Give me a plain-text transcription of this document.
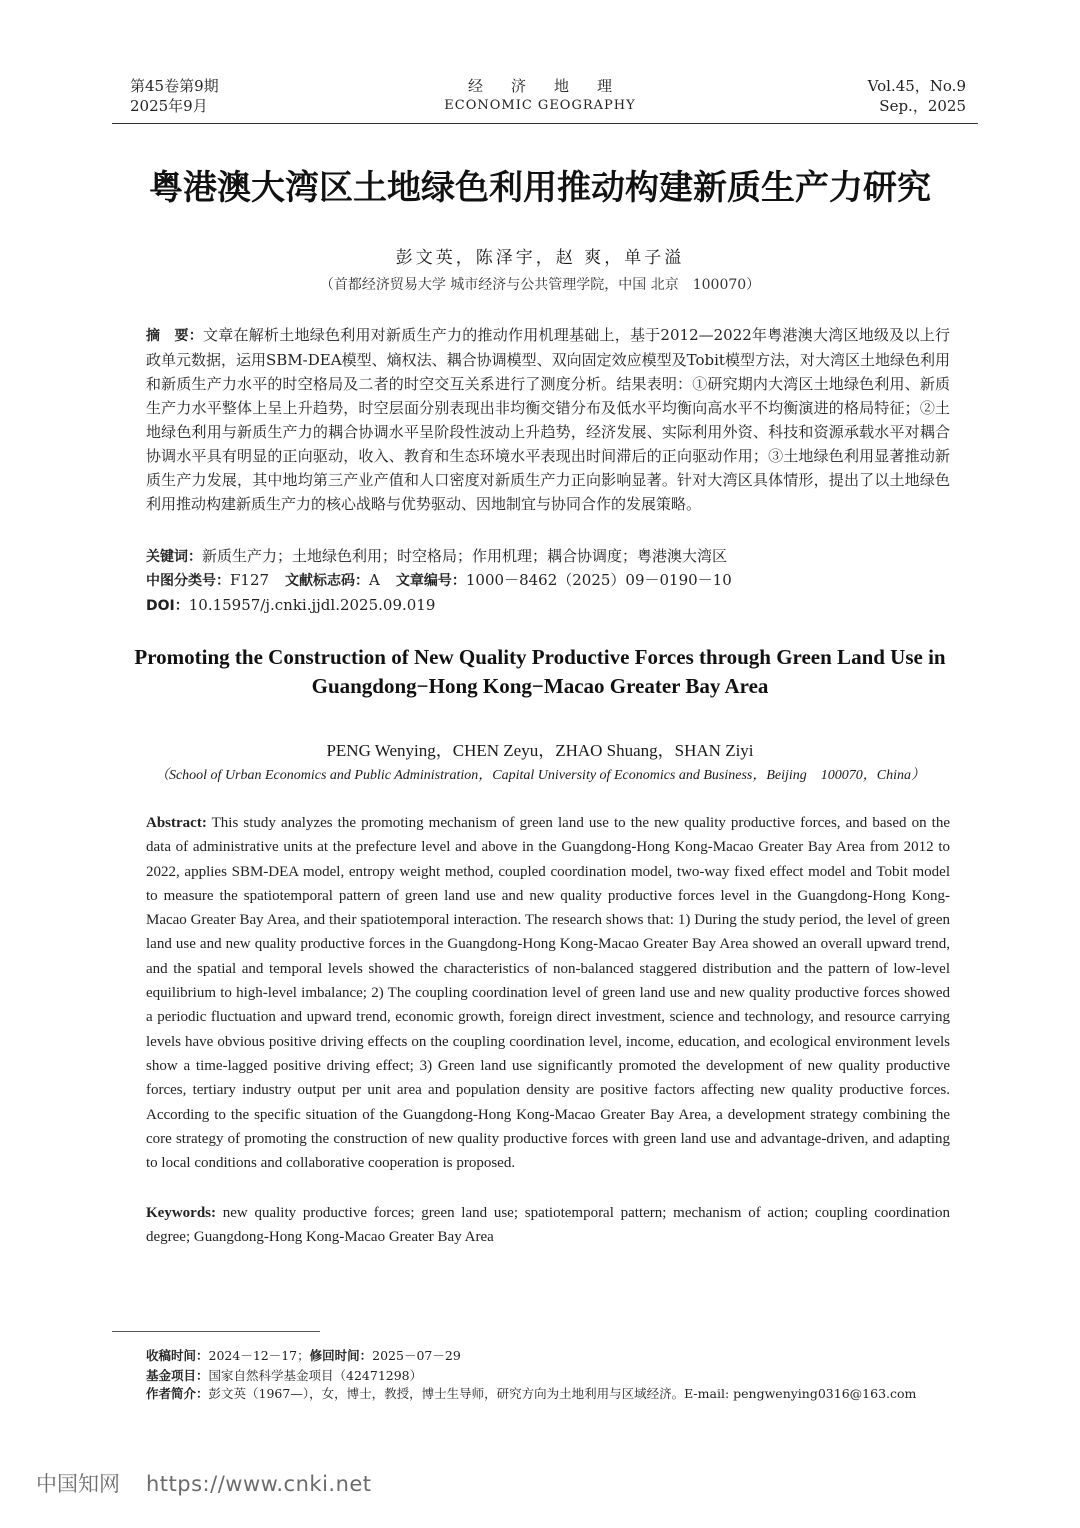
第45卷第9期
2025年9月
经济地理
ECONOMIC GEOGRAPHY
Vol.45，No.9
Sep.，2025
粤港澳大湾区土地绿色利用推动构建新质生产力研究
彭文英，陈泽宇，赵 爽，单子溢
（首都经济贸易大学 城市经济与公共管理学院，中国 北京　100070）
摘　要：文章在解析土地绿色利用对新质生产力的推动作用机理基础上，基于2012—2022年粤港澳大湾区地级及以上行政单元数据，运用SBM-DEA模型、熵权法、耦合协调模型、双向固定效应模型及Tobit模型方法，对大湾区土地绿色利用和新质生产力水平的时空格局及二者的时空交互关系进行了测度分析。结果表明：①研究期内大湾区土地绿色利用、新质生产力水平整体上呈上升趋势，时空层面分别表现出非均衡交错分布及低水平均衡向高水平不均衡演进的格局特征；②土地绿色利用与新质生产力的耦合协调水平呈阶段性波动上升趋势，经济发展、实际利用外资、科技和资源承载水平对耦合协调水平具有明显的正向驱动，收入、教育和生态环境水平表现出时间滞后的正向驱动作用；③土地绿色利用显著推动新质生产力发展，其中地均第三产业产值和人口密度对新质生产力正向影响显著。针对大湾区具体情形，提出了以土地绿色利用推动构建新质生产力的核心战略与优势驱动、因地制宜与协同合作的发展策略。
关键词：新质生产力；土地绿色利用；时空格局；作用机理；耦合协调度；粤港澳大湾区
中图分类号：F127 文献标志码：A 文章编号：1000－8462（2025）09－0190－10
DOI：10.15957/j.cnki.jjdl.2025.09.019
Promoting the Construction of New Quality Productive Forces through Green Land Use in Guangdong−Hong Kong−Macao Greater Bay Area
PENG Wenying，CHEN Zeyu，ZHAO Shuang，SHAN Ziyi
（School of Urban Economics and Public Administration，Capital University of Economics and Business，Beijing　100070，China）
Abstract: This study analyzes the promoting mechanism of green land use to the new quality productive forces, and based on the data of administrative units at the prefecture level and above in the Guangdong-Hong Kong-Macao Greater Bay Area from 2012 to 2022, applies SBM-DEA model, entropy weight method, coupled coordination model, two-way fixed effect model and Tobit model to measure the spatiotemporal pattern of green land use and new quality productive forces level in the Guangdong-Hong Kong-Macao Greater Bay Area, and their spatiotemporal interaction. The research shows that: 1) During the study period, the level of green land use and new quality productive forces in the Guangdong-Hong Kong-Macao Greater Bay Area showed an overall upward trend, and the spatial and temporal levels showed the characteristics of non-balanced staggered distribution and the pattern of low-level equilibrium to high-level imbalance; 2) The coupling coordination level of green land use and new quality productive forces showed a periodic fluctuation and upward trend, economic growth, foreign direct investment, science and technology, and resource carrying levels have obvious positive driving effects on the coupling coordination level, income, education, and ecological environment levels show a time-lagged positive driving effect; 3) Green land use significantly promoted the development of new quality productive forces, tertiary industry output per unit area and population density are positive factors affecting new quality productive forces. According to the specific situation of the Guangdong-Hong Kong-Macao Greater Bay Area, a development strategy combining the core strategy of promoting the construction of new quality productive forces with green land use and advantage-driven, and adapting to local conditions and collaborative cooperation is proposed.
Keywords: new quality productive forces; green land use; spatiotemporal pattern; mechanism of action; coupling coordination degree; Guangdong-Hong Kong-Macao Greater Bay Area
收稿时间：2024－12－17；修回时间：2025－07－29
基金项目：国家自然科学基金项目（42471298）
作者简介：彭文英（1967—），女，博士，教授，博士生导师，研究方向为土地利用与区域经济。E-mail: pengwenying0316@163.com
中国知网 https://www.cnki.net
